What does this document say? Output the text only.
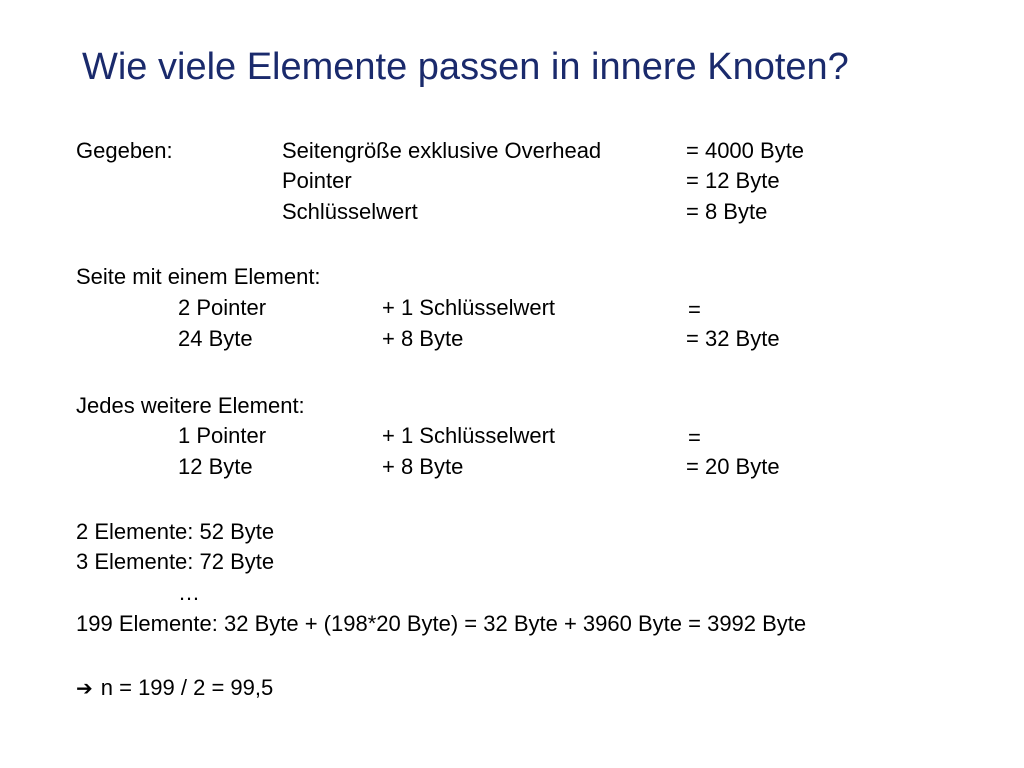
Wie viele Elemente passen in innere Knoten?
Gegeben:	Seitengröße exklusive Overhead	= 4000 Byte
Pointer	= 12 Byte
Schlüsselwert	= 8 Byte
Seite mit einem Element:
2 Pointer	+ 1 Schlüsselwert	=
24 Byte	+ 8 Byte	= 32 Byte
Jedes weitere Element:
1 Pointer	+ 1 Schlüsselwert	=
12 Byte	+ 8 Byte	= 20 Byte
2 Elemente: 52 Byte
3 Elemente: 72 Byte
…
199 Elemente: 32 Byte + (198*20 Byte) = 32 Byte + 3960 Byte = 3992 Byte
➔ n = 199 / 2 = 99,5
